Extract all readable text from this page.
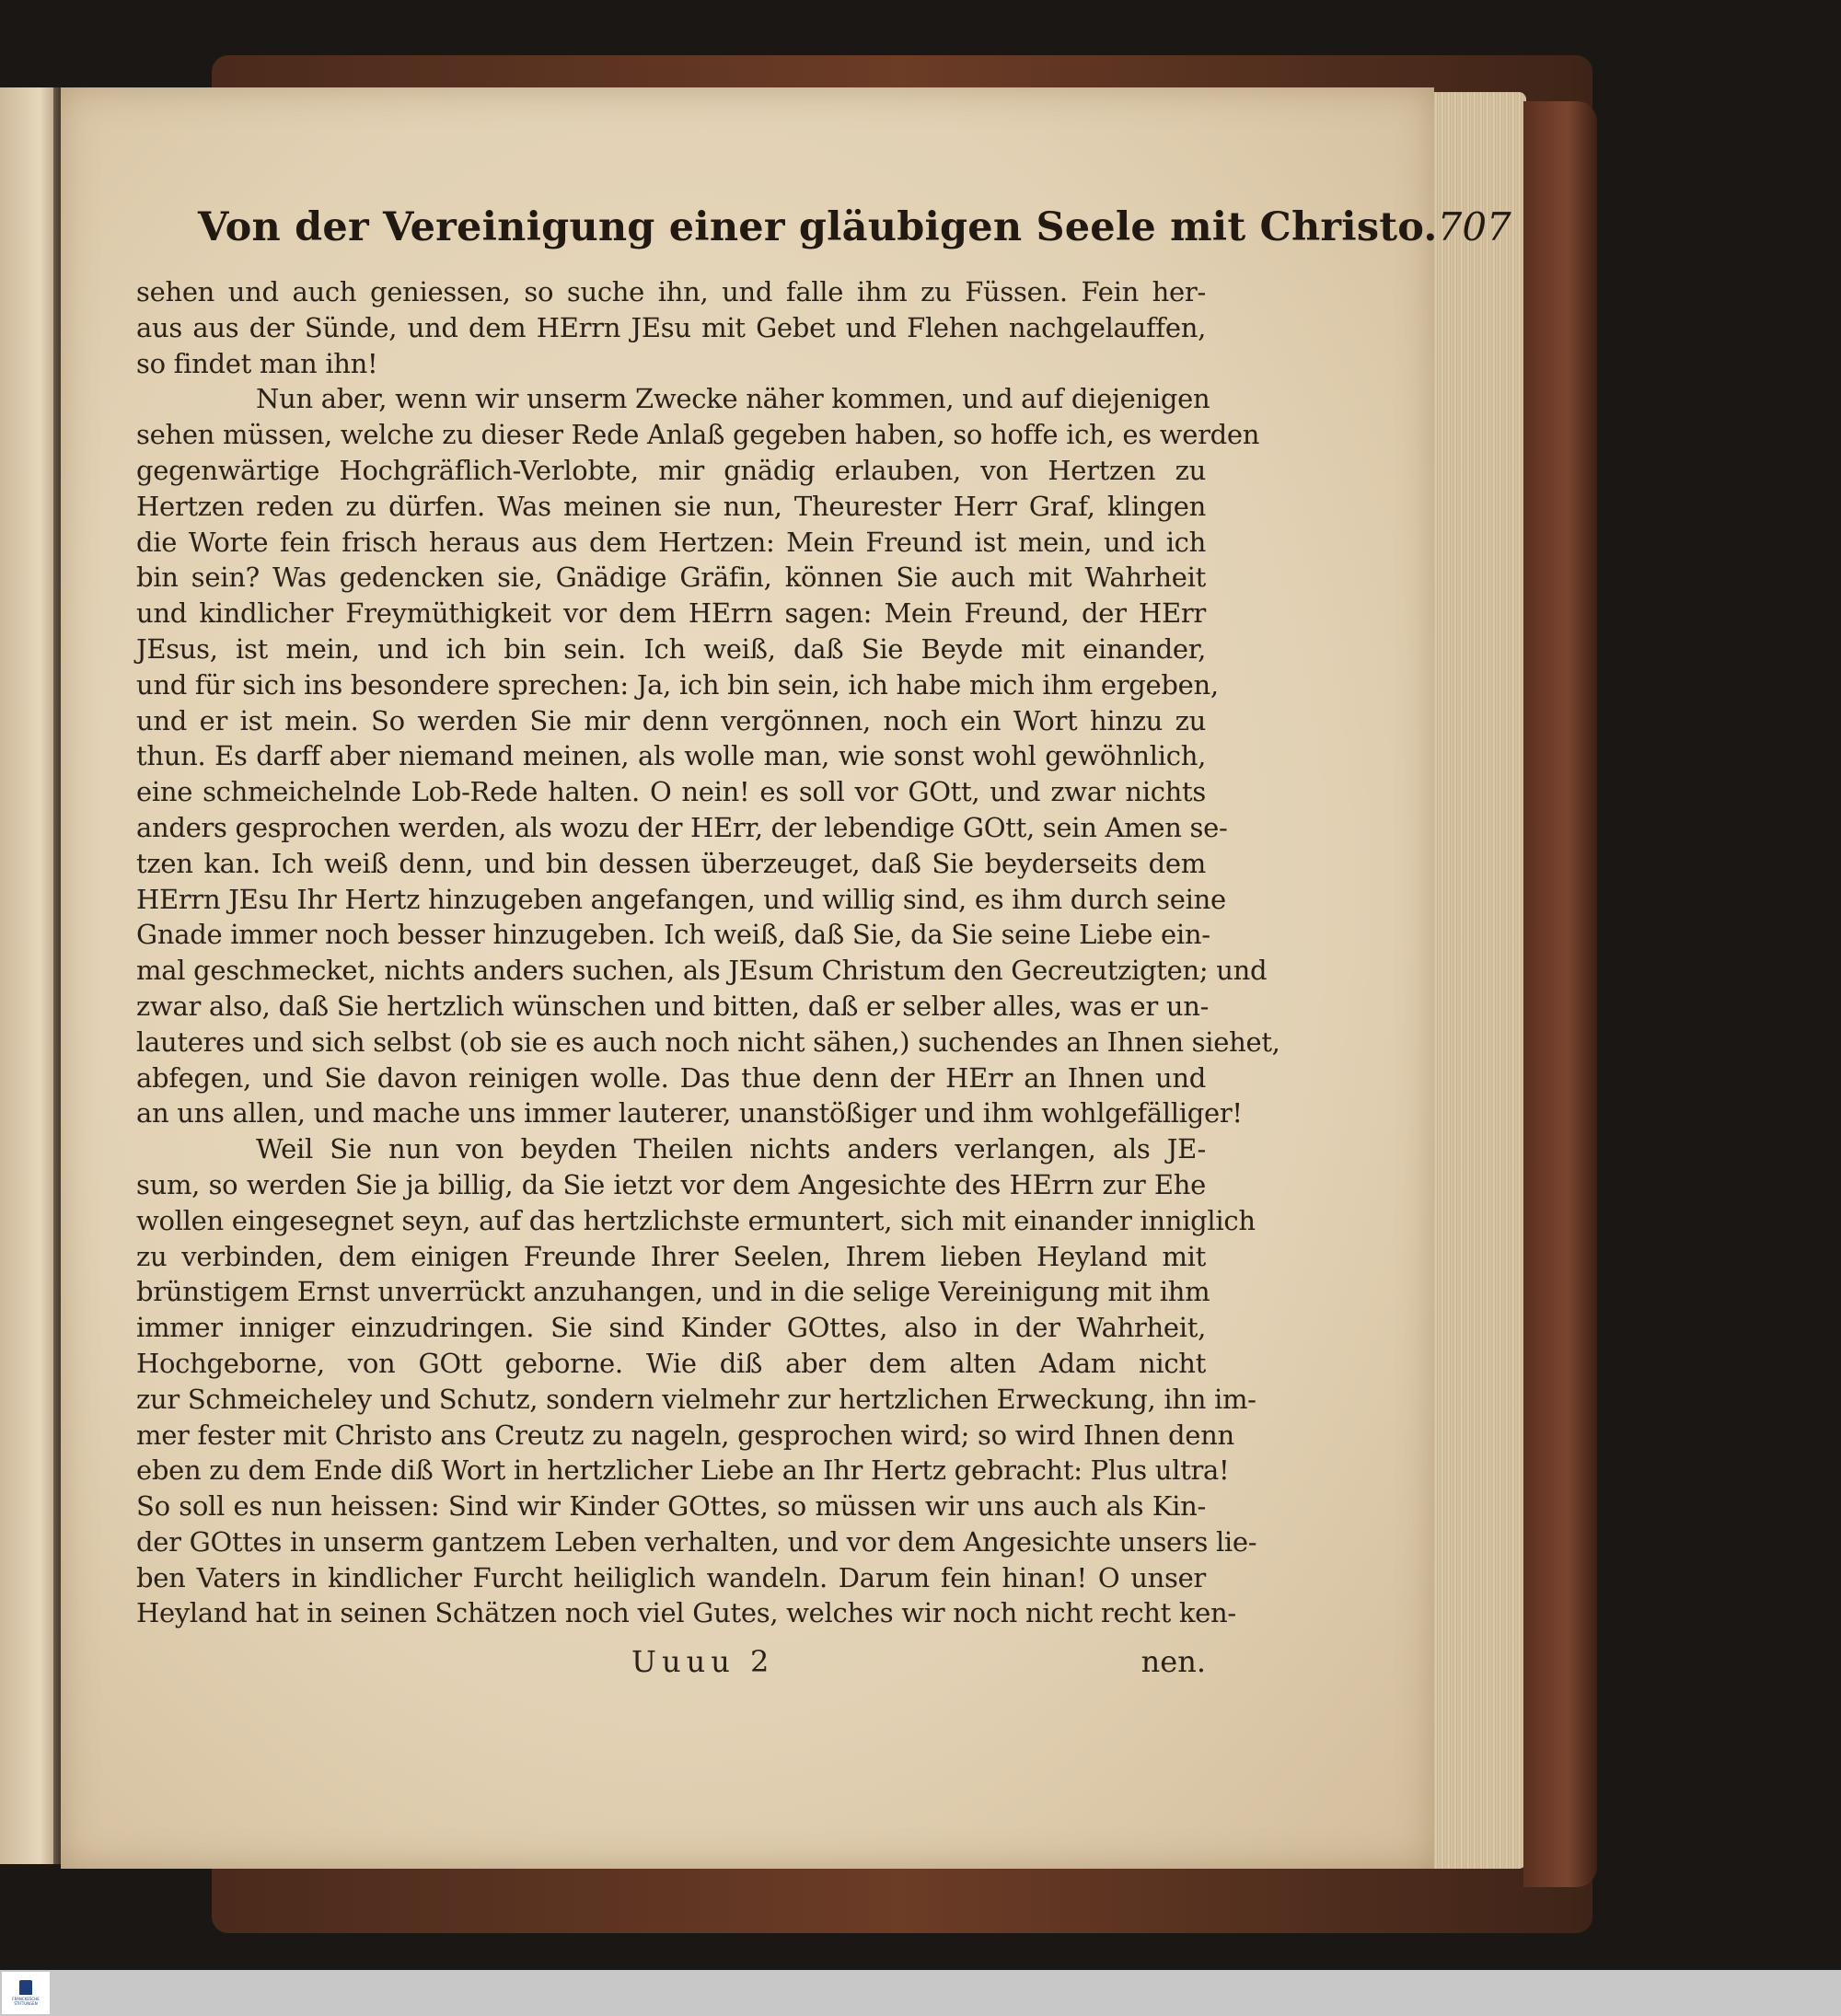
Von der Vereinigung einer gläubigen Seele mit Christo. 707
sehen und auch geniessen, so suche ihn, und falle ihm zu Füssen. Fein her-
aus aus der Sünde, und dem HErrn JEsu mit Gebet und Flehen nachgelauffen,
so findet man ihn!
Nun aber, wenn wir unserm Zwecke näher kommen, und auf diejenigen
sehen müssen, welche zu dieser Rede Anlaß gegeben haben, so hoffe ich, es werden
gegenwärtige Hochgräflich-Verlobte, mir gnädig erlauben, von Hertzen zu
Hertzen reden zu dürfen. Was meinen sie nun, Theurester Herr Graf, klingen
die Worte fein frisch heraus aus dem Hertzen: Mein Freund ist mein, und ich
bin sein? Was gedencken sie, Gnädige Gräfin, können Sie auch mit Wahrheit
und kindlicher Freymüthigkeit vor dem HErrn sagen: Mein Freund, der HErr
JEsus, ist mein, und ich bin sein. Ich weiß, daß Sie Beyde mit einander,
und für sich ins besondere sprechen: Ja, ich bin sein, ich habe mich ihm ergeben,
und er ist mein. So werden Sie mir denn vergönnen, noch ein Wort hinzu zu
thun. Es darff aber niemand meinen, als wolle man, wie sonst wohl gewöhnlich,
eine schmeichelnde Lob-Rede halten. O nein! es soll vor GOtt, und zwar nichts
anders gesprochen werden, als wozu der HErr, der lebendige GOtt, sein Amen se-
tzen kan. Ich weiß denn, und bin dessen überzeuget, daß Sie beyderseits dem
HErrn JEsu Ihr Hertz hinzugeben angefangen, und willig sind, es ihm durch seine
Gnade immer noch besser hinzugeben. Ich weiß, daß Sie, da Sie seine Liebe ein-
mal geschmecket, nichts anders suchen, als JEsum Christum den Gecreutzigten; und
zwar also, daß Sie hertzlich wünschen und bitten, daß er selber alles, was er un-
lauteres und sich selbst (ob sie es auch noch nicht sähen,) suchendes an Ihnen siehet,
abfegen, und Sie davon reinigen wolle. Das thue denn der HErr an Ihnen und
an uns allen, und mache uns immer lauterer, unanstößiger und ihm wohlgefälliger!
Weil Sie nun von beyden Theilen nichts anders verlangen, als JE-
sum, so werden Sie ja billig, da Sie ietzt vor dem Angesichte des HErrn zur Ehe
wollen eingesegnet seyn, auf das hertzlichste ermuntert, sich mit einander inniglich
zu verbinden, dem einigen Freunde Ihrer Seelen, Ihrem lieben Heyland mit
brünstigem Ernst unverrückt anzuhangen, und in die selige Vereinigung mit ihm
immer inniger einzudringen. Sie sind Kinder GOttes, also in der Wahrheit,
Hochgeborne, von GOtt geborne. Wie diß aber dem alten Adam nicht
zur Schmeicheley und Schutz, sondern vielmehr zur hertzlichen Erweckung, ihn im-
mer fester mit Christo ans Creutz zu nageln, gesprochen wird; so wird Ihnen denn
eben zu dem Ende diß Wort in hertzlicher Liebe an Ihr Hertz gebracht: Plus ultra!
So soll es nun heissen: Sind wir Kinder GOttes, so müssen wir uns auch als Kin-
der GOttes in unserm gantzem Leben verhalten, und vor dem Angesichte unsers lie-
ben Vaters in kindlicher Furcht heiliglich wandeln. Darum fein hinan! O unser
Heyland hat in seinen Schätzen noch viel Gutes, welches wir noch nicht recht ken-
Uuuu 2	nen.
FRANCKESCHE STIFTUNGEN
